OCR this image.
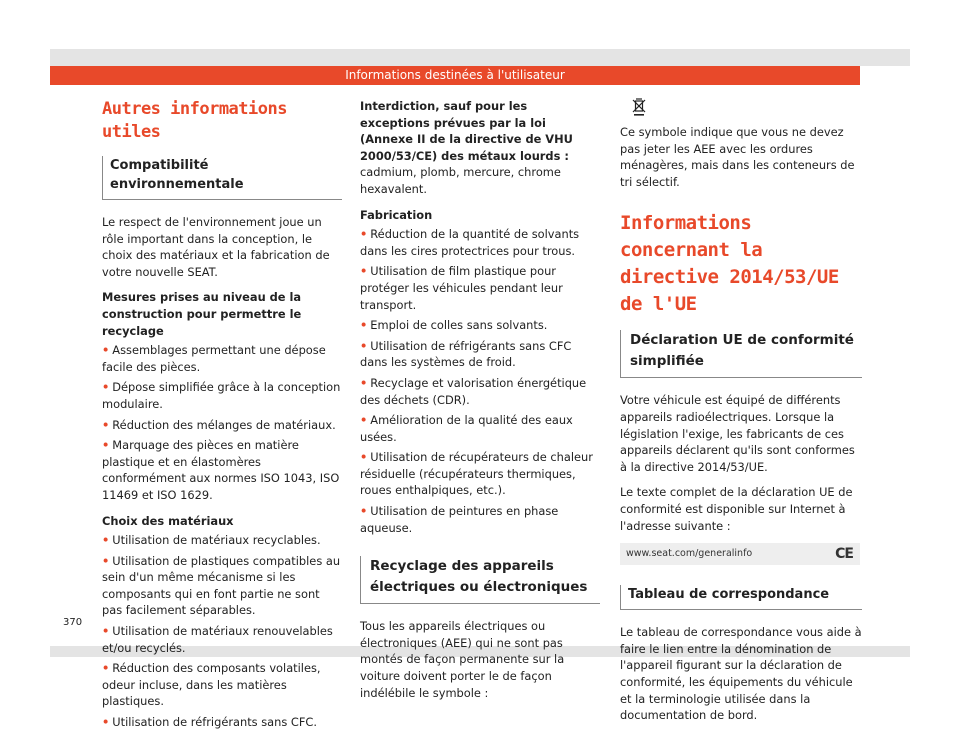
Informations destinées à l'utilisateur
Autres informations utiles
Compatibilité environnementale

Le respect de l'environnement joue un rôle important dans la conception, le choix des matériaux et la fabrication de votre nouvelle SEAT.

Mesures prises au niveau de la construction pour permettre le recyclage
• Assemblages permettant une dépose facile des pièces.
• Dépose simplifiée grâce à la conception modulaire.
• Réduction des mélanges de matériaux.
• Marquage des pièces en matière plastique et en élastomères conformément aux normes ISO 1043, ISO 11469 et ISO 1629.
Choix des matériaux
• Utilisation de matériaux recyclables.
• Utilisation de plastiques compatibles au sein d'un même mécanisme si les composants qui en font partie ne sont pas facilement séparables.
• Utilisation de matériaux renouvelables et/ou recyclés.
• Réduction des composants volatiles, odeur incluse, dans les matières plastiques.
• Utilisation de réfrigérants sans CFC.

Interdiction, sauf pour les exceptions prévues par la loi (Annexe II de la directive de VHU 2000/53/CE) des métaux lourds : cadmium, plomb, mercure, chrome hexavalent.

Fabrication
• Réduction de la quantité de solvants dans les cires protectrices pour trous.
• Utilisation de film plastique pour protéger les véhicules pendant leur transport.
• Emploi de colles sans solvants.
• Utilisation de réfrigérants sans CFC dans les systèmes de froid.
• Recyclage et valorisation énergétique des déchets (CDR).
• Amélioration de la qualité des eaux usées.
• Utilisation de récupérateurs de chaleur résiduelle (récupérateurs thermiques, roues enthalpiques, etc.).
• Utilisation de peintures en phase aqueuse.
Recyclage des appareils électriques ou électroniques

Tous les appareils électriques ou électroniques (AEE) qui ne sont pas montés de façon permanente sur la voiture doivent porter le de façon indélébile le symbole :

Ce symbole indique que vous ne devez pas jeter les AEE avec les ordures ménagères, mais dans les conteneurs de tri sélectif.

Informations concernant la directive 2014/53/UE de l'UE
Déclaration UE de conformité simplifiée

Votre véhicule est équipé de différents appareils radioélectriques. Lorsque la législation l'exige, les fabricants de ces appareils déclarent qu'ils sont conformes à la directive 2014/53/UE.

Le texte complet de la déclaration UE de conformité est disponible sur Internet à l'adresse suivante :

www.seat.com/generalinfo	CE
Tableau de correspondance

Le tableau de correspondance vous aide à faire le lien entre la dénomination de l'appareil figurant sur la déclaration de conformité, les équipements du véhicule et la terminologie utilisée dans la documentation de bord.

370
